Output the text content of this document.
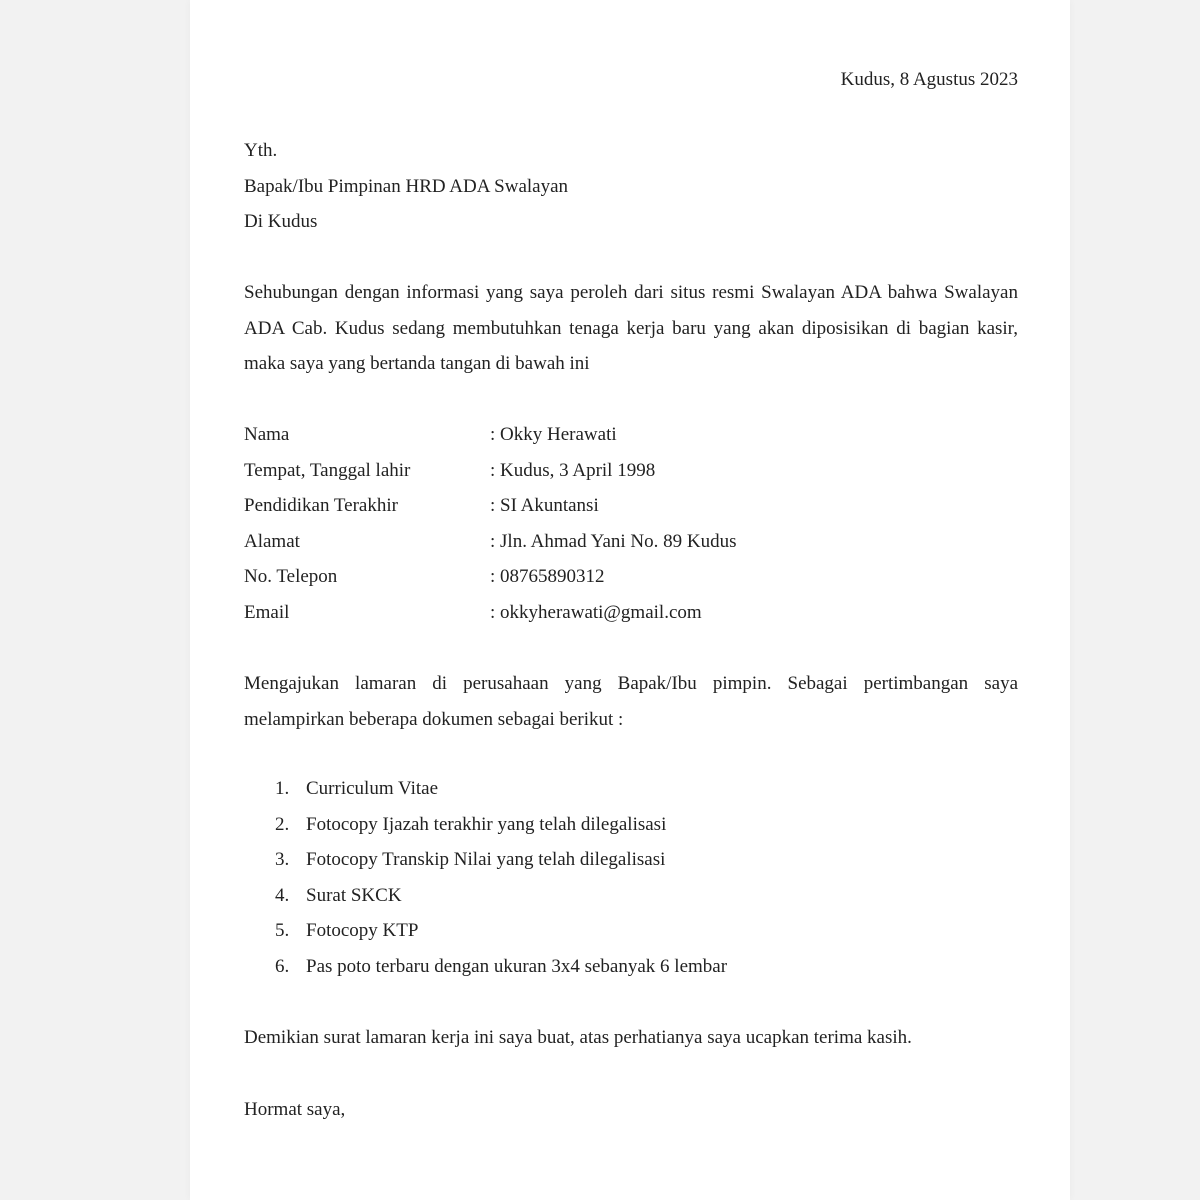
Kudus, 8 Agustus 2023

Yth.
Bapak/Ibu Pimpinan HRD ADA Swalayan
Di Kudus

Sehubungan dengan informasi yang saya peroleh dari situs resmi Swalayan ADA bahwa Swalayan ADA Cab. Kudus sedang membutuhkan tenaga kerja baru yang akan diposisikan di bagian kasir, maka saya yang bertanda tangan di bawah ini

Nama	: Okky Herawati
Tempat, Tanggal lahir	: Kudus, 3 April 1998
Pendidikan Terakhir	: SI Akuntansi
Alamat	: Jln. Ahmad Yani No. 89 Kudus
No. Telepon	: 08765890312
Email	: okkyherawati@gmail.com

Mengajukan lamaran di perusahaan yang Bapak/Ibu pimpin. Sebagai pertimbangan saya melampirkan beberapa dokumen sebagai berikut :

1. Curriculum Vitae
2. Fotocopy Ijazah terakhir yang telah dilegalisasi
3. Fotocopy Transkip Nilai yang telah dilegalisasi
4. Surat SKCK
5. Fotocopy KTP
6. Pas poto terbaru dengan ukuran 3x4 sebanyak 6 lembar

Demikian surat lamaran kerja ini saya buat, atas perhatianya saya ucapkan terima kasih.

Hormat saya,
